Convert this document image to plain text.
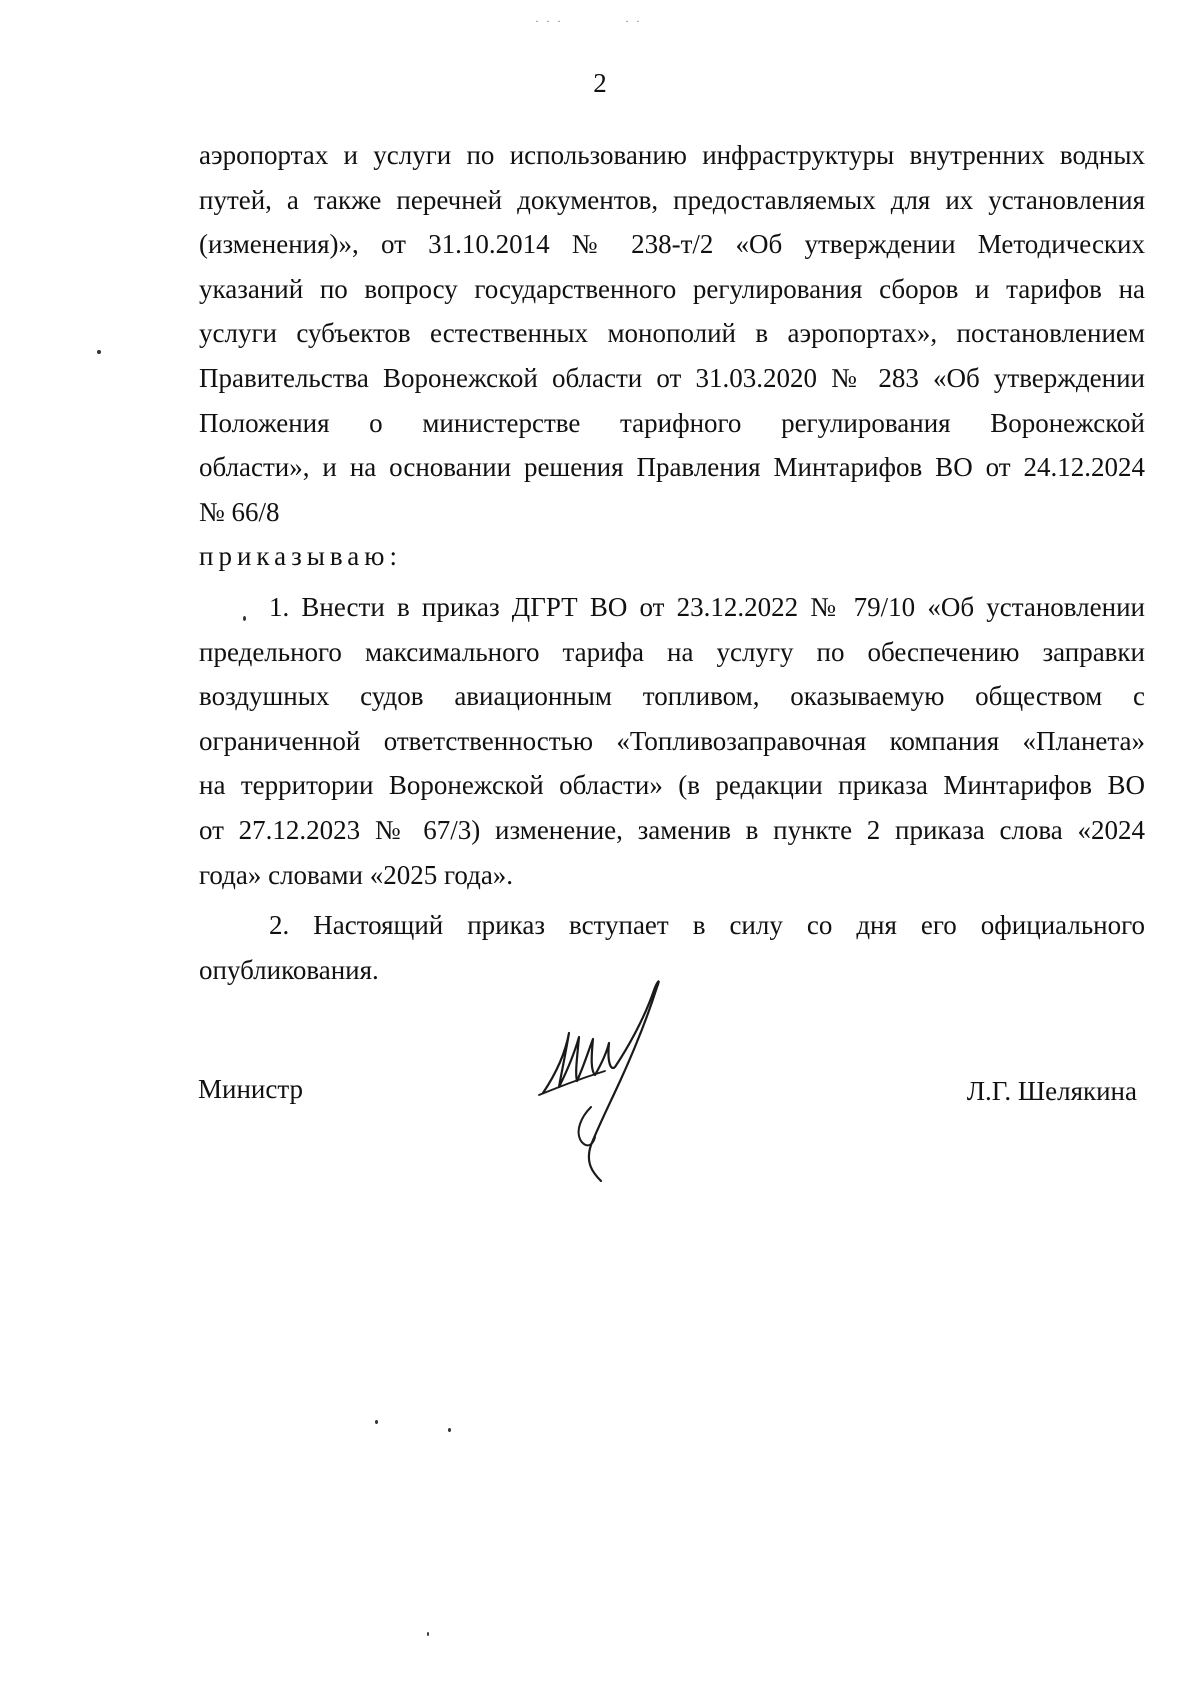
· · ·	· ·
2
аэропортах и услуги по использованию инфраструктуры внутренних водных
путей, а также перечней документов, предоставляемых для их установления
(изменения)», от 31.10.2014 № 238-т/2 «Об утверждении Методических
указаний по вопросу государственного регулирования сборов и тарифов на
услуги субъектов естественных монополий в аэропортах», постановлением
Правительства Воронежской области от 31.03.2020 № 283 «Об утверждении
Положения о министерстве тарифного регулирования Воронежской
области», и на основании решения Правления Минтарифов ВО от 24.12.2024
№ 66/8
приказываю:
1. Внести в приказ ДГРТ ВО от 23.12.2022 № 79/10 «Об установлении
предельного максимального тарифа на услугу по обеспечению заправки
воздушных судов авиационным топливом, оказываемую обществом с
ограниченной ответственностью «Топливозаправочная компания «Планета»
на территории Воронежской области» (в редакции приказа Минтарифов ВО
от 27.12.2023 № 67/3) изменение, заменив в пункте 2 приказа слова «2024
года» словами «2025 года».
2. Настоящий приказ вступает в силу со дня его официального
опубликования.
Министр	Л.Г. Шелякина
